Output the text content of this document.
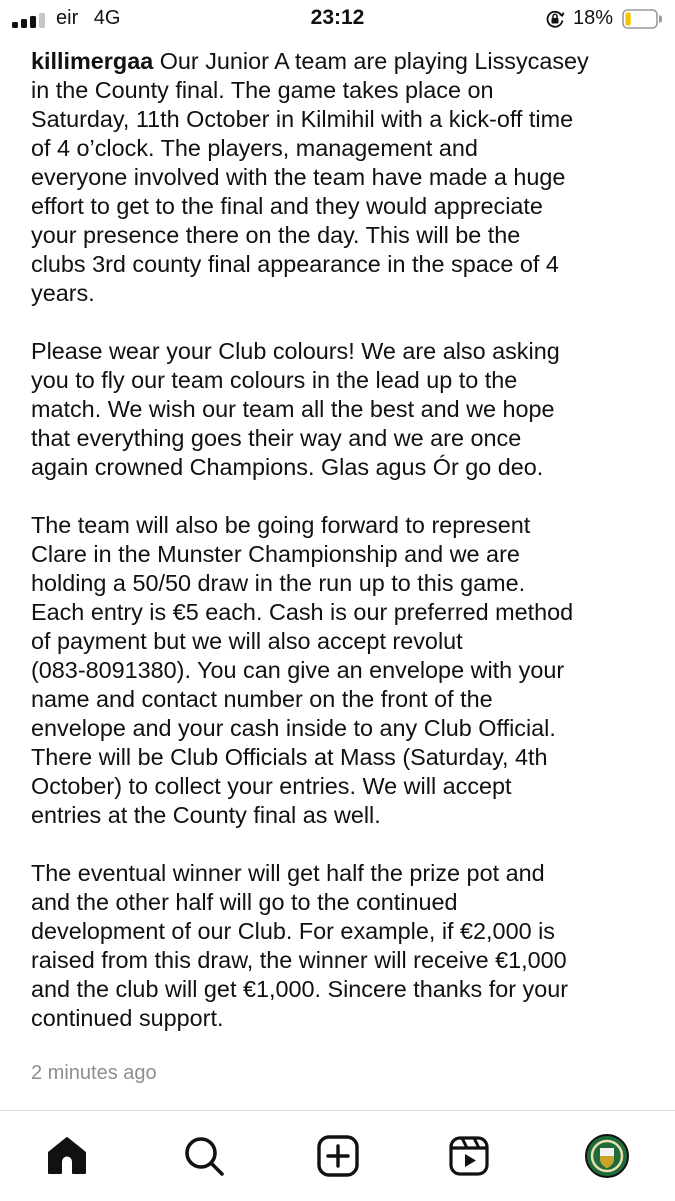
eir 4G	23:12	18%

killimergaa Our Junior A team are playing Lissycasey
in the County final. The game takes place on
Saturday, 11th October in Kilmihil with a kick-off time
of 4 o’clock. The players, management and
everyone involved with the team have made a huge
effort to get to the final and they would appreciate
your presence there on the day. This will be the
clubs 3rd county final appearance in the space of 4
years.

Please wear your Club colours! We are also asking
you to fly our team colours in the lead up to the
match. We wish our team all the best and we hope
that everything goes their way and we are once
again crowned Champions. Glas agus Ór go deo.

The team will also be going forward to represent
Clare in the Munster Championship and we are
holding a 50/50 draw in the run up to this game.
Each entry is €5 each. Cash is our preferred method
of payment but we will also accept revolut
(083-8091380). You can give an envelope with your
name and contact number on the front of the
envelope and your cash inside to any Club Official.
There will be Club Officials at Mass (Saturday, 4th
October) to collect your entries. We will accept
entries at the County final as well.

The eventual winner will get half the prize pot and
and the other half will go to the continued
development of our Club. For example, if €2,000 is
raised from this draw, the winner will receive €1,000
and the club will get €1,000. Sincere thanks for your
continued support.

2 minutes ago
